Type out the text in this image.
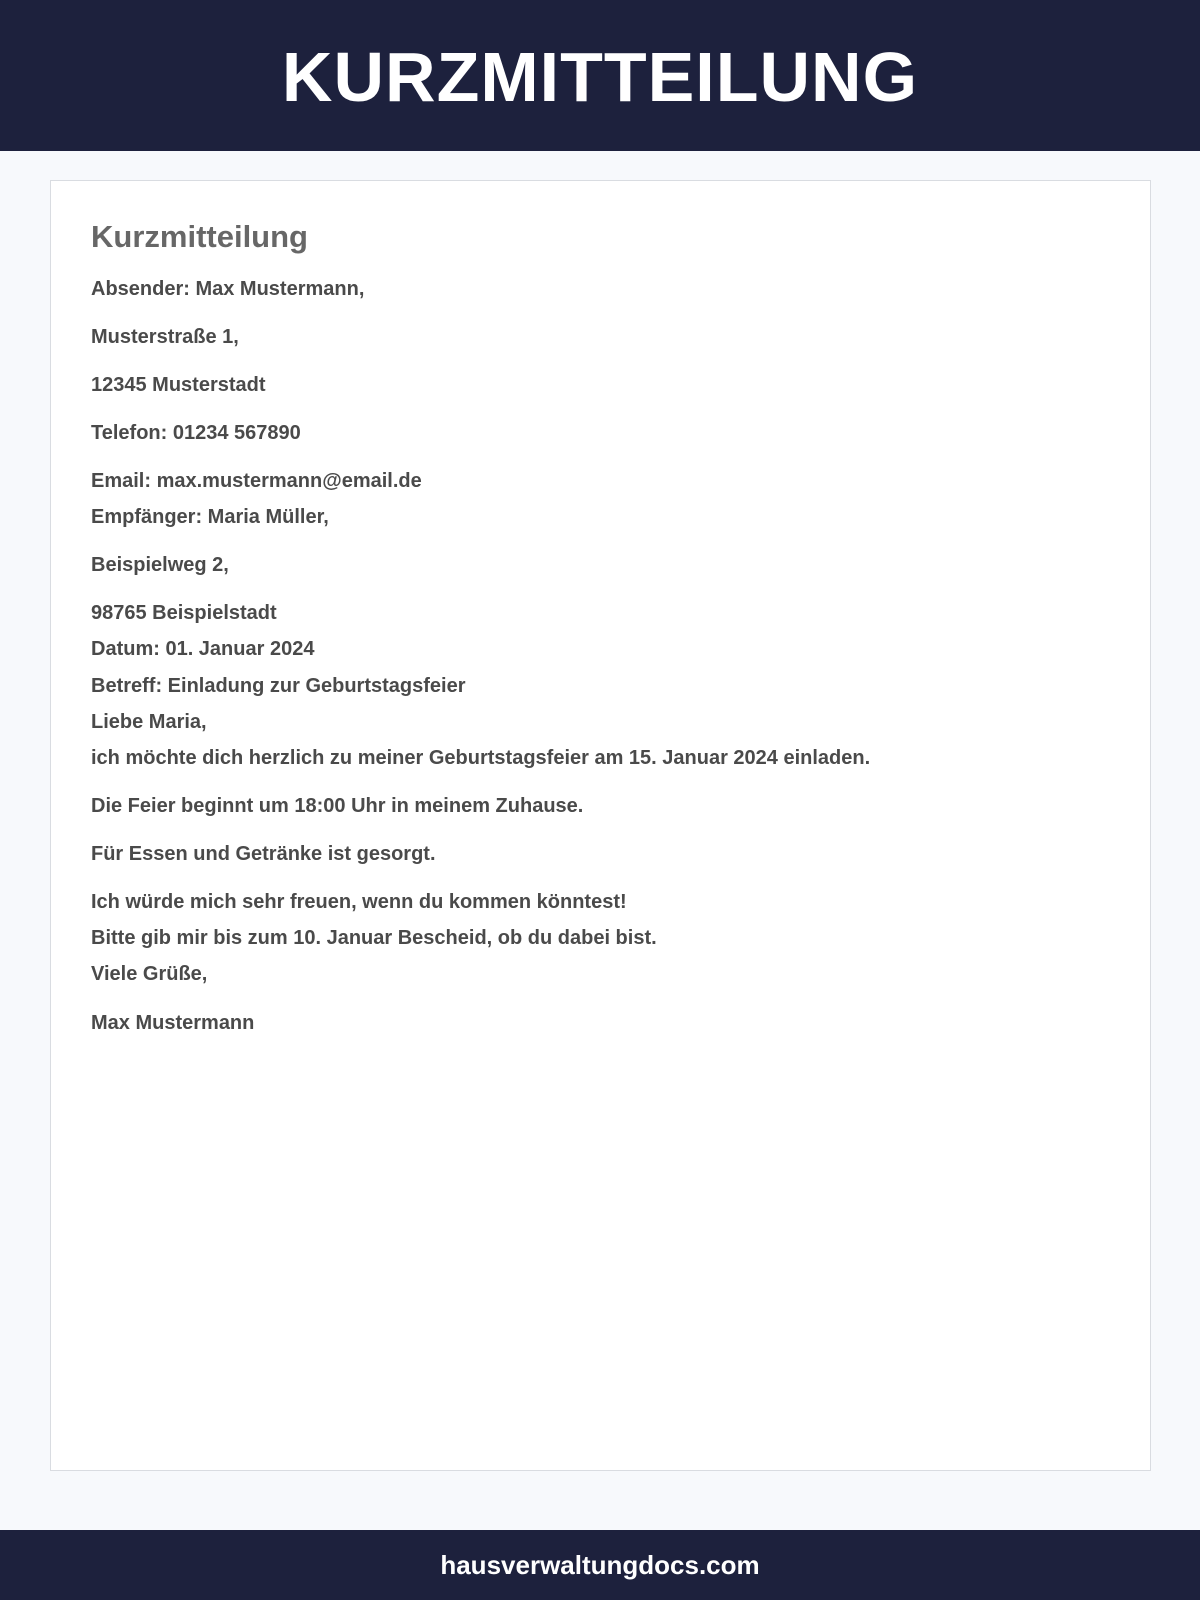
KURZMITTEILUNG
Kurzmitteilung
Absender: Max Mustermann,
Musterstraße 1,
12345 Musterstadt
Telefon: 01234 567890
Email: max.mustermann@email.de
Empfänger: Maria Müller,
Beispielweg 2,
98765 Beispielstadt
Datum: 01. Januar 2024
Betreff: Einladung zur Geburtstagsfeier
Liebe Maria,
ich möchte dich herzlich zu meiner Geburtstagsfeier am 15. Januar 2024 einladen.
Die Feier beginnt um 18:00 Uhr in meinem Zuhause.
Für Essen und Getränke ist gesorgt.
Ich würde mich sehr freuen, wenn du kommen könntest!
Bitte gib mir bis zum 10. Januar Bescheid, ob du dabei bist.
Viele Grüße,
Max Mustermann
hausverwaltungdocs.com
